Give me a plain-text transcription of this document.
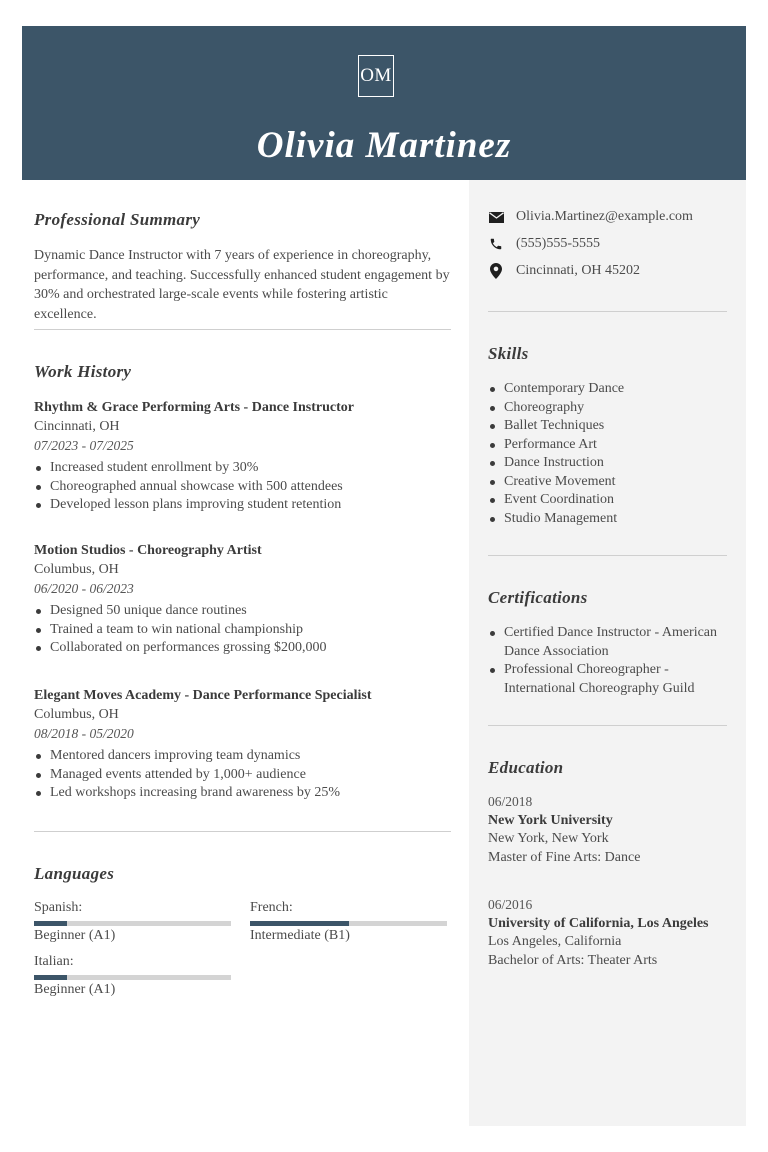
OM
Olivia Martinez
Professional Summary
Dynamic Dance Instructor with 7 years of experience in choreography, performance, and teaching. Successfully enhanced student engagement by 30% and orchestrated large-scale events while fostering artistic excellence.
Work History
Rhythm & Grace Performing Arts - Dance Instructor
Cincinnati, OH
07/2023 - 07/2025
Increased student enrollment by 30%
Choreographed annual showcase with 500 attendees
Developed lesson plans improving student retention
Motion Studios - Choreography Artist
Columbus, OH
06/2020 - 06/2023
Designed 50 unique dance routines
Trained a team to win national championship
Collaborated on performances grossing $200,000
Elegant Moves Academy - Dance Performance Specialist
Columbus, OH
08/2018 - 05/2020
Mentored dancers improving team dynamics
Managed events attended by 1,000+ audience
Led workshops increasing brand awareness by 25%
Languages
Spanish:
Beginner (A1)
French:
Intermediate (B1)
Italian:
Beginner (A1)
Olivia.Martinez@example.com
(555)555-5555
Cincinnati, OH 45202
Skills
Contemporary Dance
Choreography
Ballet Techniques
Performance Art
Dance Instruction
Creative Movement
Event Coordination
Studio Management
Certifications
Certified Dance Instructor - American Dance Association
Professional Choreographer - International Choreography Guild
Education
06/2018
New York University
New York, New York
Master of Fine Arts: Dance
06/2016
University of California, Los Angeles
Los Angeles, California
Bachelor of Arts: Theater Arts
